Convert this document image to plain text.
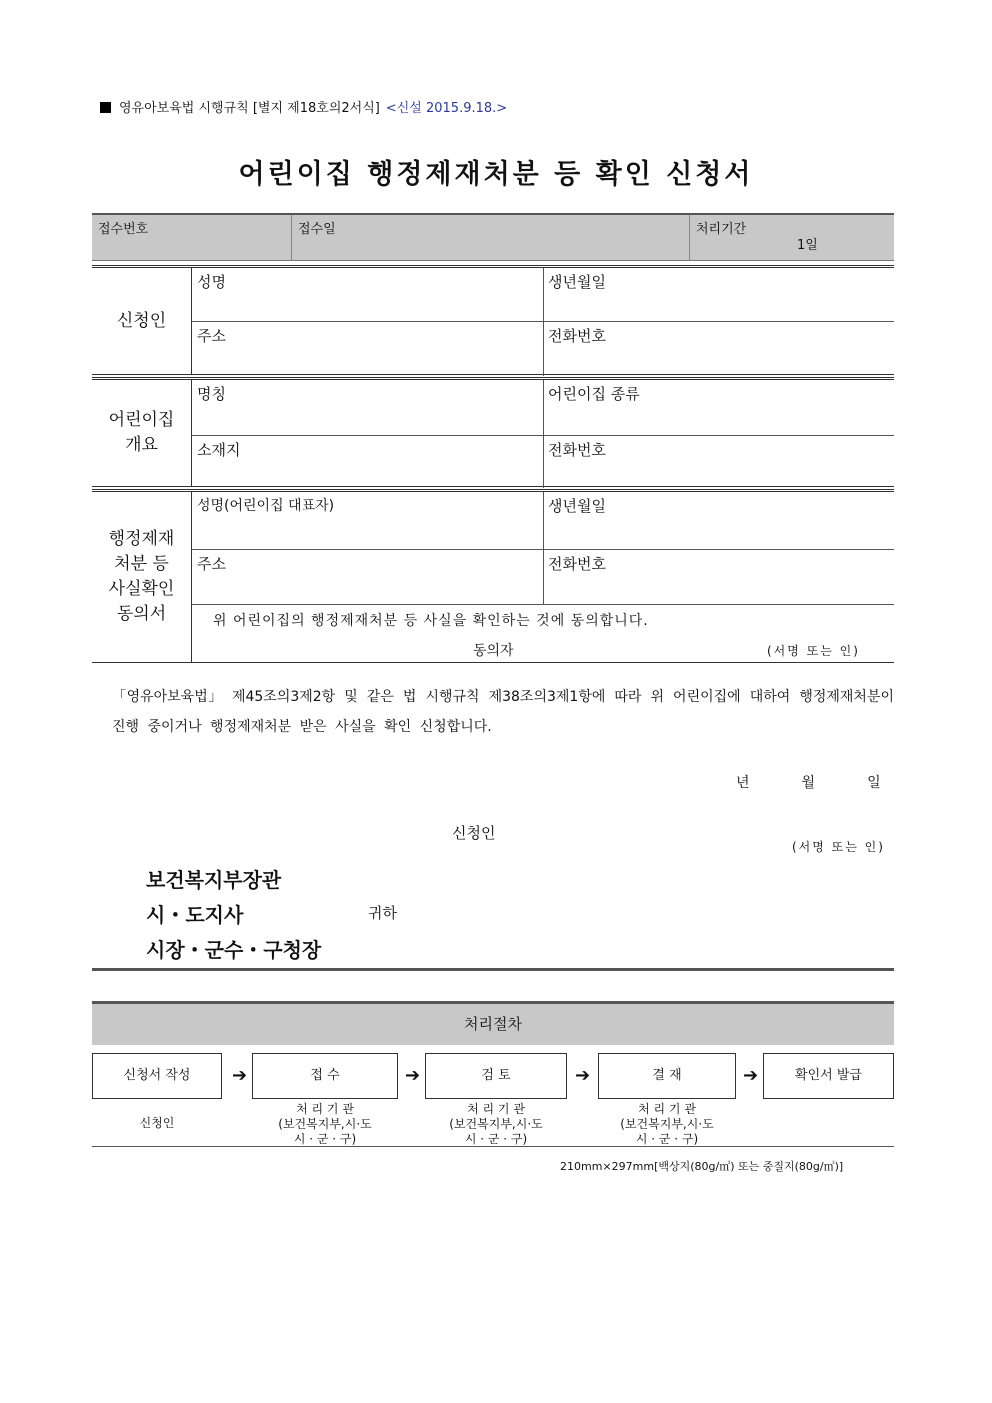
영유아보육법 시행규칙 [별지 제18호의2서식] <신설 2015.9.18.>
어린이집 행정제재처분 등 확인 신청서
접수번호	접수일	처리기간
1일
신청인
성명	생년월일
주소	전화번호
어린이집
개요
명칭	어린이집 종류
소재지	전화번호
행정제재
처분 등
사실확인
동의서
성명(어린이집 대표자)	생년월일
주소	전화번호
위 어린이집의 행정제재처분 등 사실을 확인하는 것에 동의합니다.
동의자	(서명 또는 인)
「영유아보육법」 제45조의3제2항 및 같은 법 시행규칙 제38조의3제1항에 따라 위 어린이집에 대하여 행정제재처분이 진행 중이거나 행정제재처분 받은 사실을 확인 신청합니다.
년	월	일
신청인
(서명 또는 인)
보건복지부장관
시・도지사
시장・군수・구청장
귀하
처리절차
신청서 작성	➔	접 수	➔	검 토	➔	결 재	➔	확인서 발급
신청인
처 리 기 관
(보건복지부,시·도
시 · 군 · 구)
처 리 기 관
(보건복지부,시·도
시 · 군 · 구)
처 리 기 관
(보건복지부,시·도
시 · 군 · 구)
210mm×297mm[백상지(80g/㎡) 또는 중질지(80g/㎡)]
